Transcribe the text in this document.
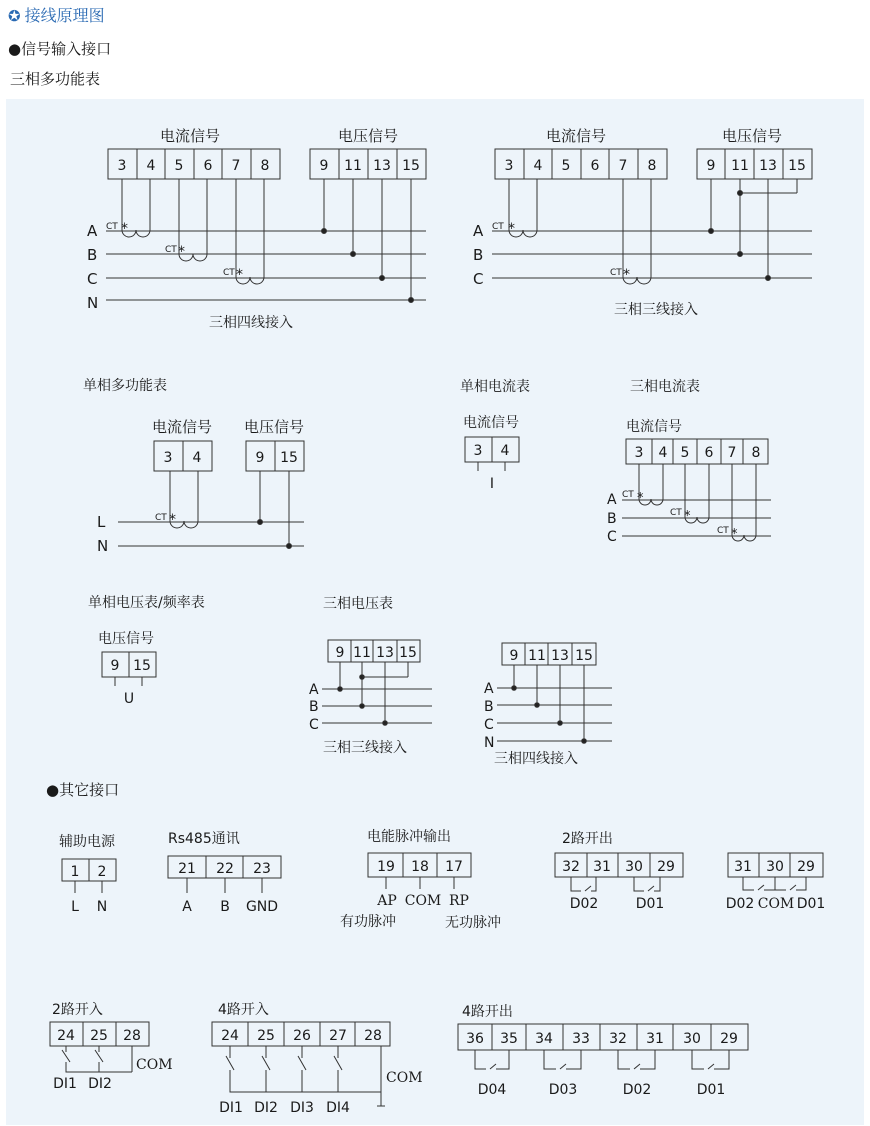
✪ 接线原理图
●信号输入接口
三相多功能表
电流信号	电压信号
3 4 5 6 7 8	9 11 13 15
A
B
C
N
CT *
CT *
CT *
三相四线接入
电流信号	电压信号
3 4 5 6 7 8	9 11 13 15
A
B
C
CT *
CT *
三相三线接入
单相多功能表
电流信号 电压信号
3 4	9 15
L
N
CT *
单相电流表
电流信号
3 4
I
三相电流表
电流信号
3 4 5 6 7 8
A
B
C
CT *
CT *
CT *
单相电压表/频率表
电压信号
9 15
U
三相电压表
9 11 13 15
A
B
C
三相三线接入
9 11 13 15
A
B
C
N
三相四线接入
●其它接口
辅助电源
1 2
L N
Rs485通讯
21 22 23
A B GND
电能脉冲输出
19 18 17
AP COM RP
有功脉冲	无功脉冲
2路开出
32 31 30 29
D02	D01
31 30 29
D02 COM D01
2路开入
24 25 28
DI1 DI2
COM
4路开入
24 25 26 27 28
DI1 DI2 DI3 DI4
COM
4路开出
36 35 34 33 32 31 30 29
D04	D03	D02	D01
